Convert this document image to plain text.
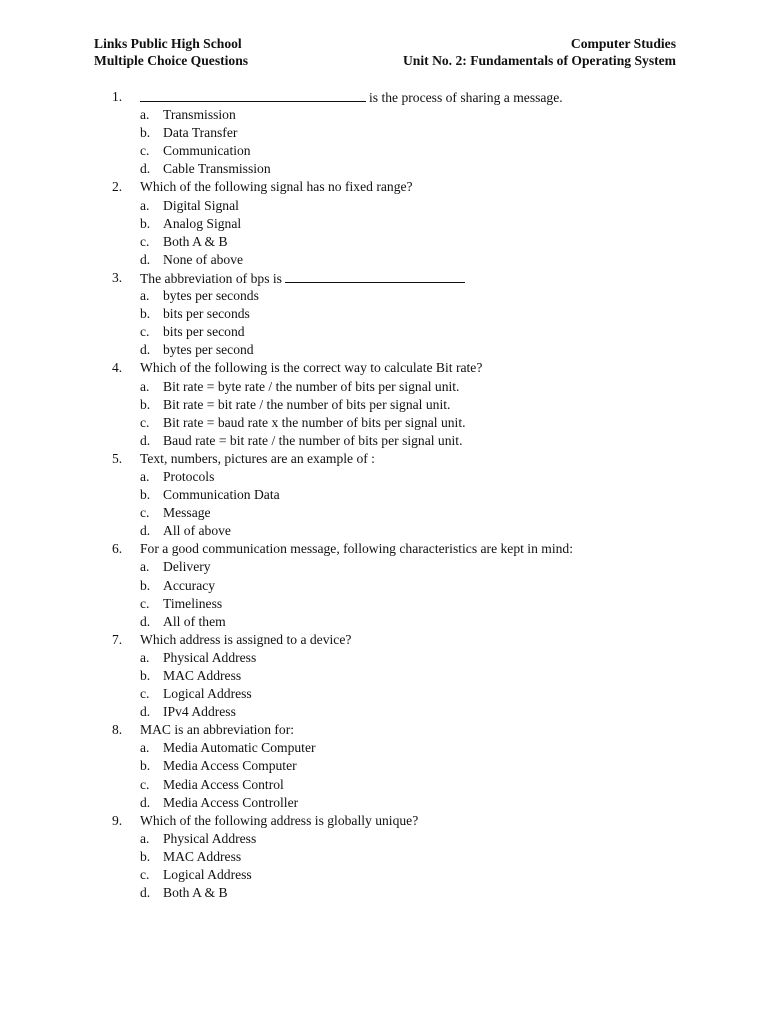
Links Public High School	Computer Studies
Multiple Choice Questions	Unit No. 2: Fundamentals of Operating System
1.	is the process of sharing a message.
a. Transmission
b. Data Transfer
c. Communication
d. Cable Transmission
2.	Which of the following signal has no fixed range?
a. Digital Signal
b. Analog Signal
c. Both A & B
d. None of above
3.	The abbreviation of bps is
a. bytes per seconds
b. bits per seconds
c. bits per second
d. bytes per second
4.	Which of the following is the correct way to calculate Bit rate?
a. Bit rate = byte rate / the number of bits per signal unit.
b. Bit rate = bit rate / the number of bits per signal unit.
c. Bit rate = baud rate x the number of bits per signal unit.
d. Baud rate = bit rate / the number of bits per signal unit.
5.	Text, numbers, pictures are an example of :
a. Protocols
b. Communication Data
c. Message
d. All of above
6.	For a good communication message, following characteristics are kept in mind:
a. Delivery
b. Accuracy
c. Timeliness
d. All of them
7.	Which address is assigned to a device?
a. Physical Address
b. MAC Address
c. Logical Address
d. IPv4 Address
8.	MAC is an abbreviation for:
a. Media Automatic Computer
b. Media Access Computer
c. Media Access Control
d. Media Access Controller
9.	Which of the following address is globally unique?
a. Physical Address
b. MAC Address
c. Logical Address
d. Both A & B
